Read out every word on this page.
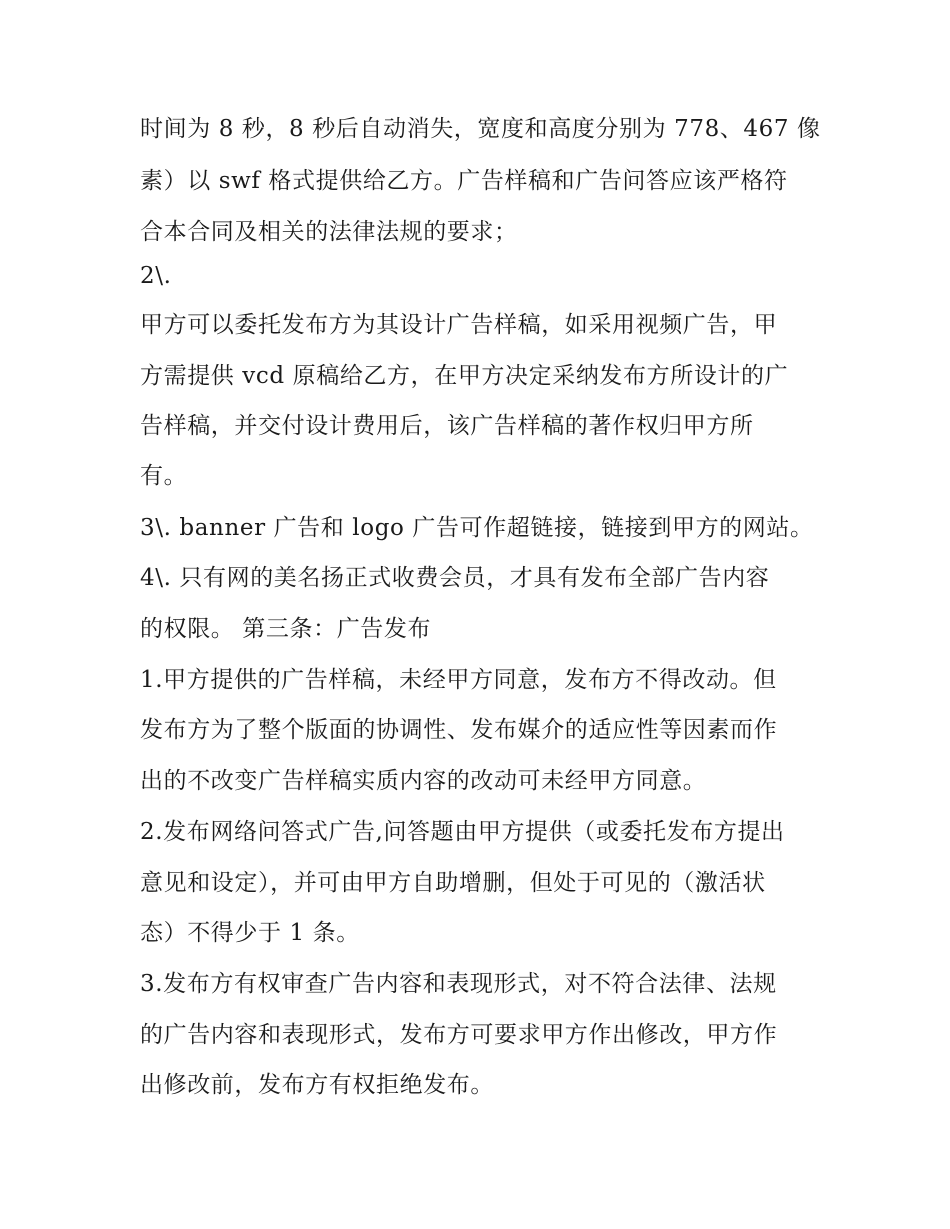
时间为 8 秒，8 秒后自动消失，宽度和高度分别为 778、467 像
素）以 swf 格式提供给乙方。广告样稿和广告问答应该严格符
合本合同及相关的法律法规的要求；
2\.
甲方可以委托发布方为其设计广告样稿，如采用视频广告，甲
方需提供 vcd 原稿给乙方，在甲方决定采纳发布方所设计的广
告样稿，并交付设计费用后，该广告样稿的著作权归甲方所
有。
3\. banner 广告和 logo 广告可作超链接，链接到甲方的网站。
4\. 只有网的美名扬正式收费会员，才具有发布全部广告内容
的权限。 第三条：广告发布
1.甲方提供的广告样稿，未经甲方同意，发布方不得改动。但
发布方为了整个版面的协调性、发布媒介的适应性等因素而作
出的不改变广告样稿实质内容的改动可未经甲方同意。
2.发布网络问答式广告,问答题由甲方提供（或委托发布方提出
意见和设定），并可由甲方自助增删，但处于可见的（激活状
态）不得少于 1 条。
3.发布方有权审查广告内容和表现形式，对不符合法律、法规
的广告内容和表现形式，发布方可要求甲方作出修改，甲方作
出修改前，发布方有权拒绝发布。
